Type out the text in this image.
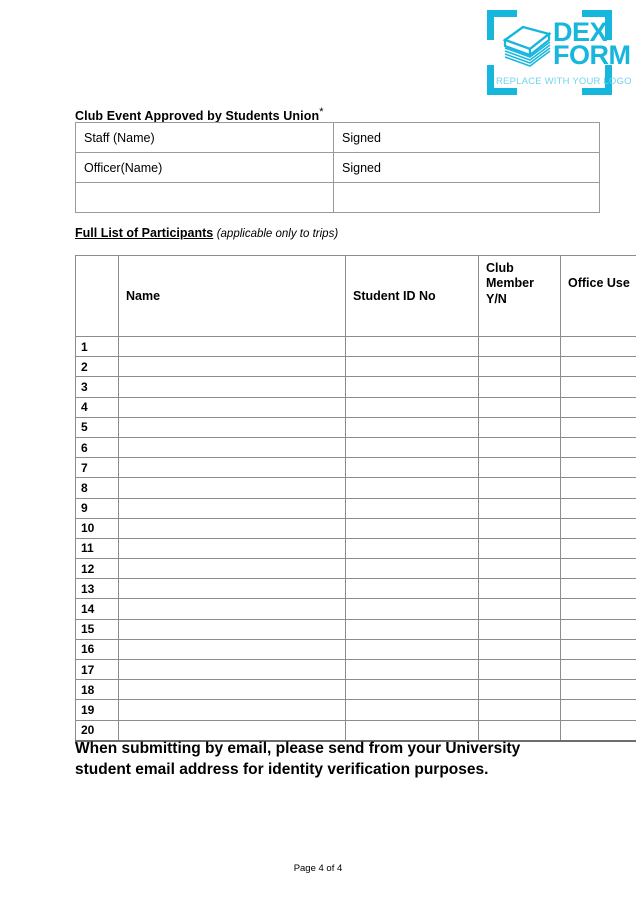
DEX
FORM
REPLACE WITH YOUR LOGO
Club Event Approved by Students Union*
Staff (Name)	Signed
Officer(Name)	Signed

Full List of Participants (applicable only to trips)
	Name	Student ID No	Club Member Y/N	Office Use
1				
2				
3				
4				
5				
6				
7				
8				
9				
10				
11				
12				
13				
14				
15				
16				
17				
18				
19				
20				
When submitting by email, please send from your University student email address for identity verification purposes.
Page 4 of 4
